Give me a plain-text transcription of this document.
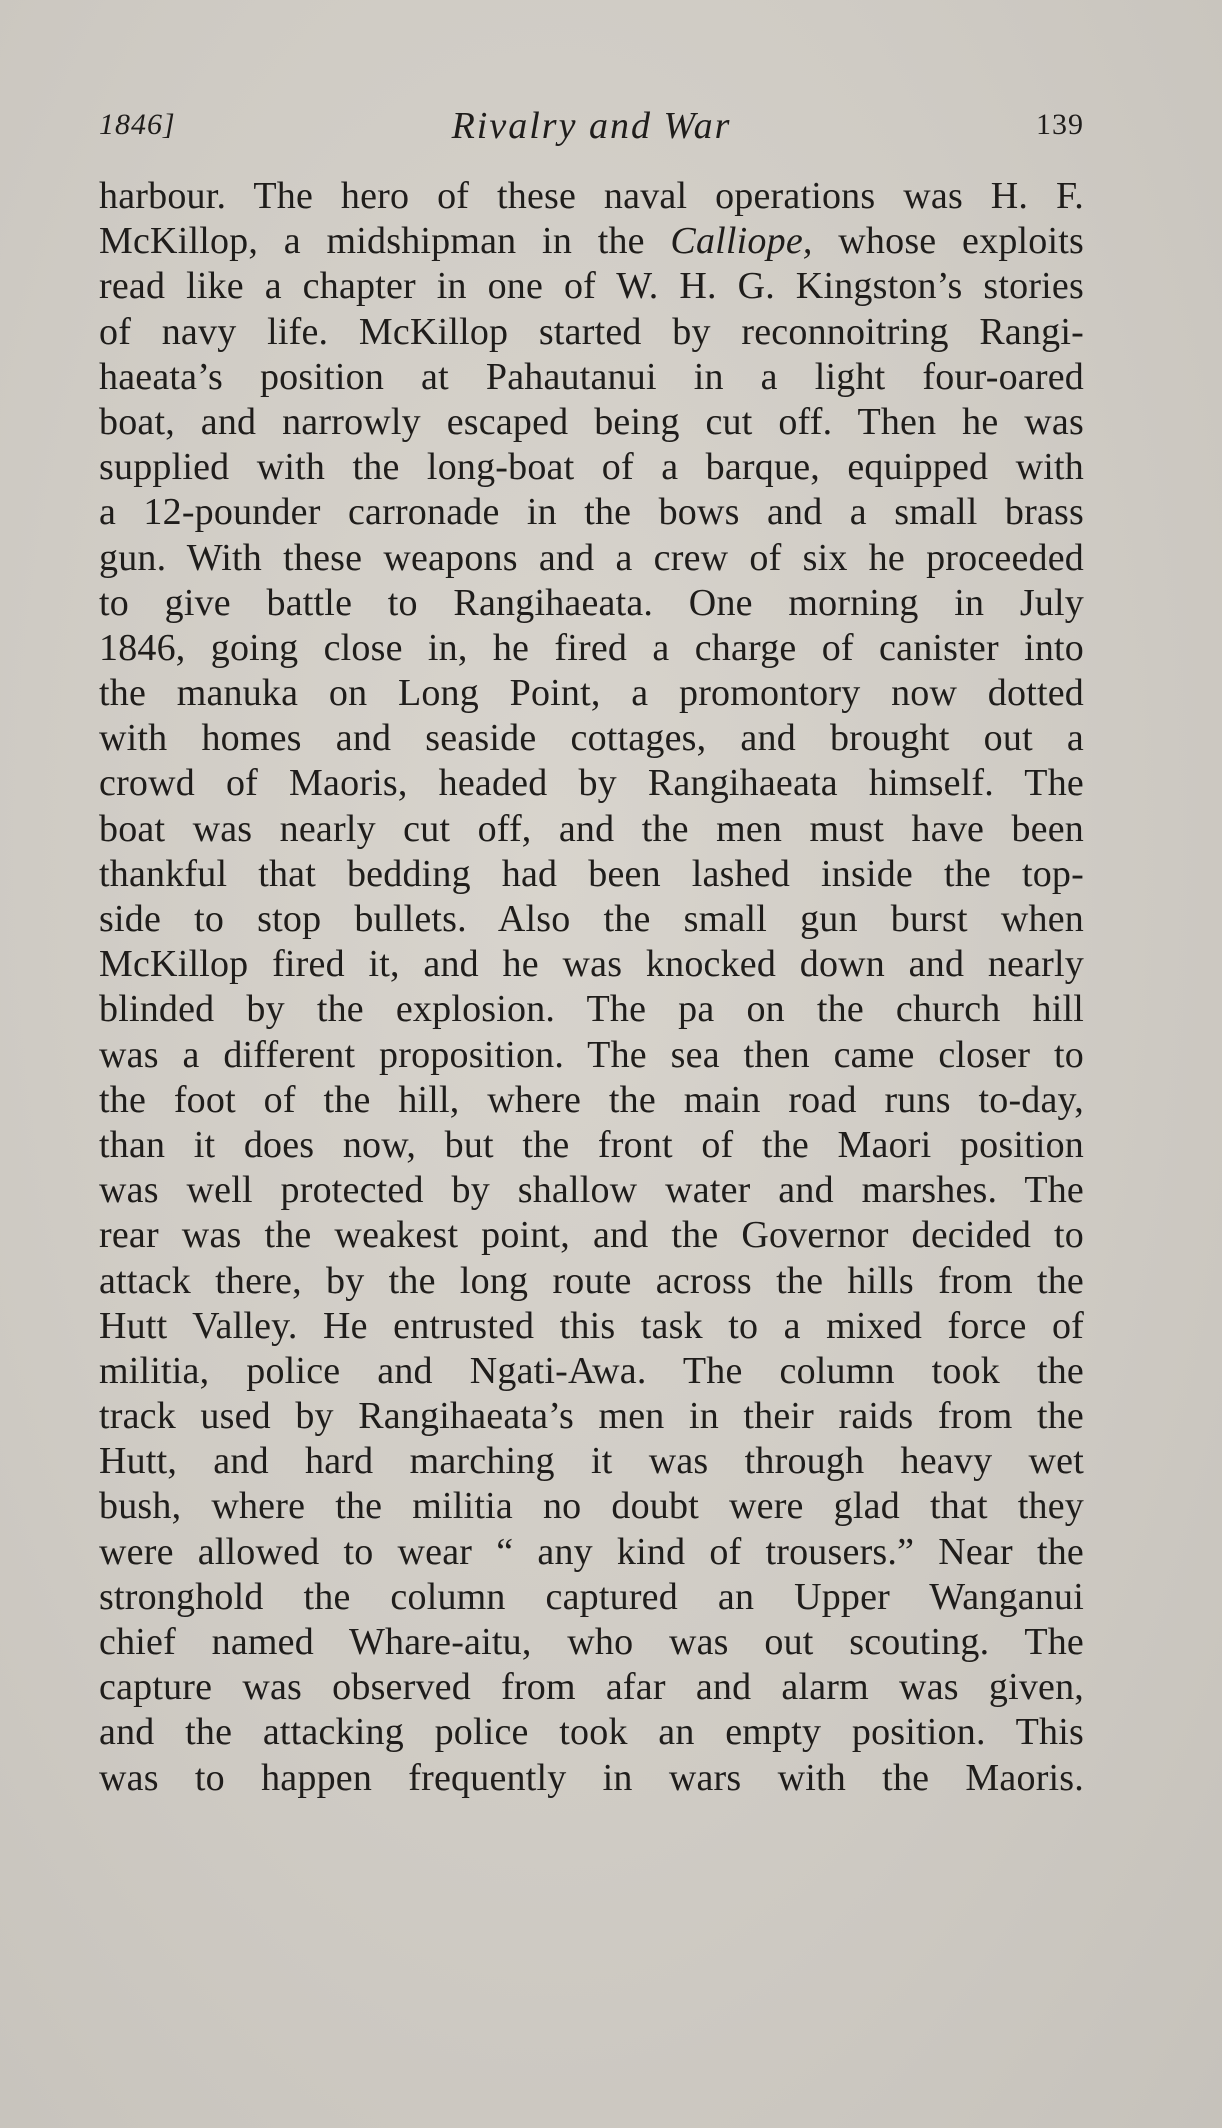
1846]	Rivalry and War	139
harbour. The hero of these naval operations was H. F.
McKillop, a midshipman in the Calliope, whose exploits
read like a chapter in one of W. H. G. Kingston’s stories
of navy life. McKillop started by reconnoitring Rangi-
haeata’s position at Pahautanui in a light four-oared
boat, and narrowly escaped being cut off. Then he was
supplied with the long-boat of a barque, equipped with
a 12-pounder carronade in the bows and a small brass
gun. With these weapons and a crew of six he proceeded
to give battle to Rangihaeata. One morning in July
1846, going close in, he fired a charge of canister into
the manuka on Long Point, a promontory now dotted
with homes and seaside cottages, and brought out a
crowd of Maoris, headed by Rangihaeata himself. The
boat was nearly cut off, and the men must have been
thankful that bedding had been lashed inside the top-
side to stop bullets. Also the small gun burst when
McKillop fired it, and he was knocked down and nearly
blinded by the explosion. The pa on the church hill
was a different proposition. The sea then came closer to
the foot of the hill, where the main road runs to-day,
than it does now, but the front of the Maori position
was well protected by shallow water and marshes. The
rear was the weakest point, and the Governor decided to
attack there, by the long route across the hills from the
Hutt Valley. He entrusted this task to a mixed force of
militia, police and Ngati-Awa. The column took the
track used by Rangihaeata’s men in their raids from the
Hutt, and hard marching it was through heavy wet
bush, where the militia no doubt were glad that they
were allowed to wear “ any kind of trousers.” Near the
stronghold the column captured an Upper Wanganui
chief named Whare-aitu, who was out scouting. The
capture was observed from afar and alarm was given,
and the attacking police took an empty position. This
was to happen frequently in wars with the Maoris.
